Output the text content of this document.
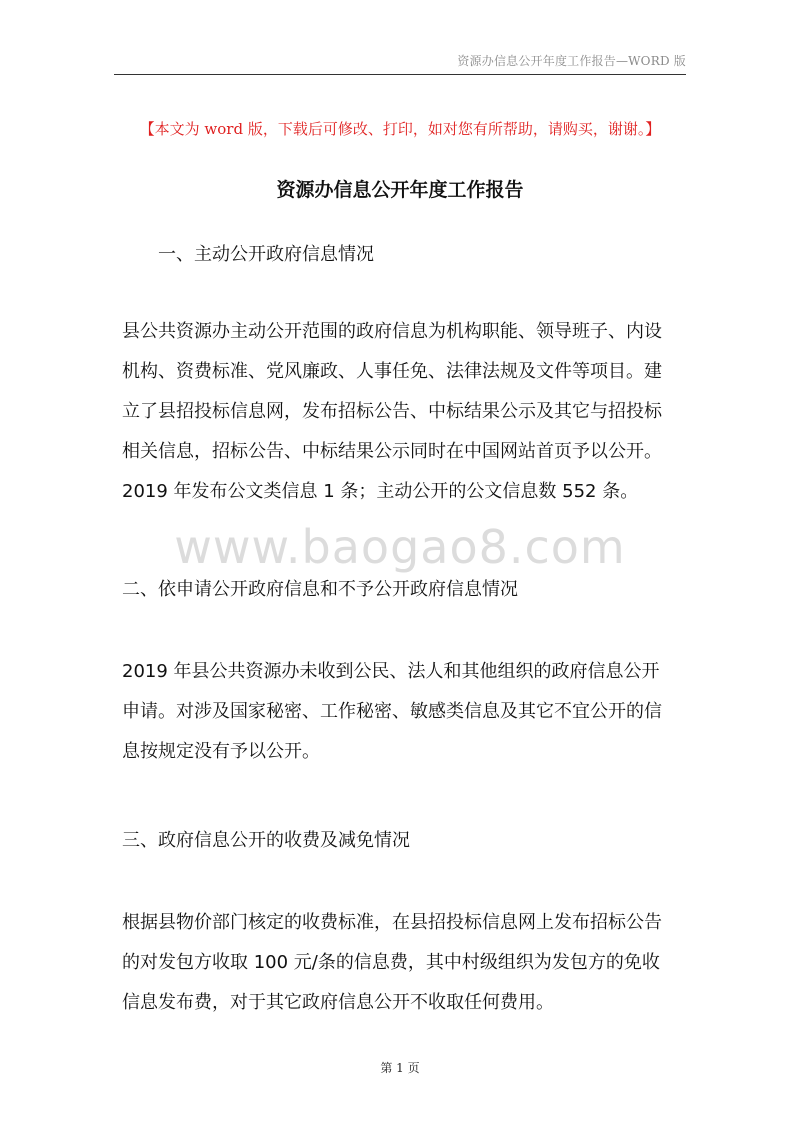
资源办信息公开年度工作报告—WORD 版
【本文为 word 版，下载后可修改、打印，如对您有所帮助，请购买，谢谢。】
资源办信息公开年度工作报告
一、主动公开政府信息情况

县公共资源办主动公开范围的政府信息为机构职能、领导班子、内设
机构、资费标准、党风廉政、人事任免、法律法规及文件等项目。建
立了县招投标信息网，发布招标公告、中标结果公示及其它与招投标
相关信息，招标公告、中标结果公示同时在中国网站首页予以公开。
2019 年发布公文类信息 1 条；主动公开的公文信息数 552 条。

www.baogao8.com
二、依申请公开政府信息和不予公开政府信息情况

2019 年县公共资源办未收到公民、法人和其他组织的政府信息公开
申请。对涉及国家秘密、工作秘密、敏感类信息及其它不宜公开的信
息按规定没有予以公开。

三、政府信息公开的收费及减免情况

根据县物价部门核定的收费标准，在县招投标信息网上发布招标公告
的对发包方收取 100 元/条的信息费，其中村级组织为发包方的免收
信息发布费，对于其它政府信息公开不收取任何费用。

第 1 页
